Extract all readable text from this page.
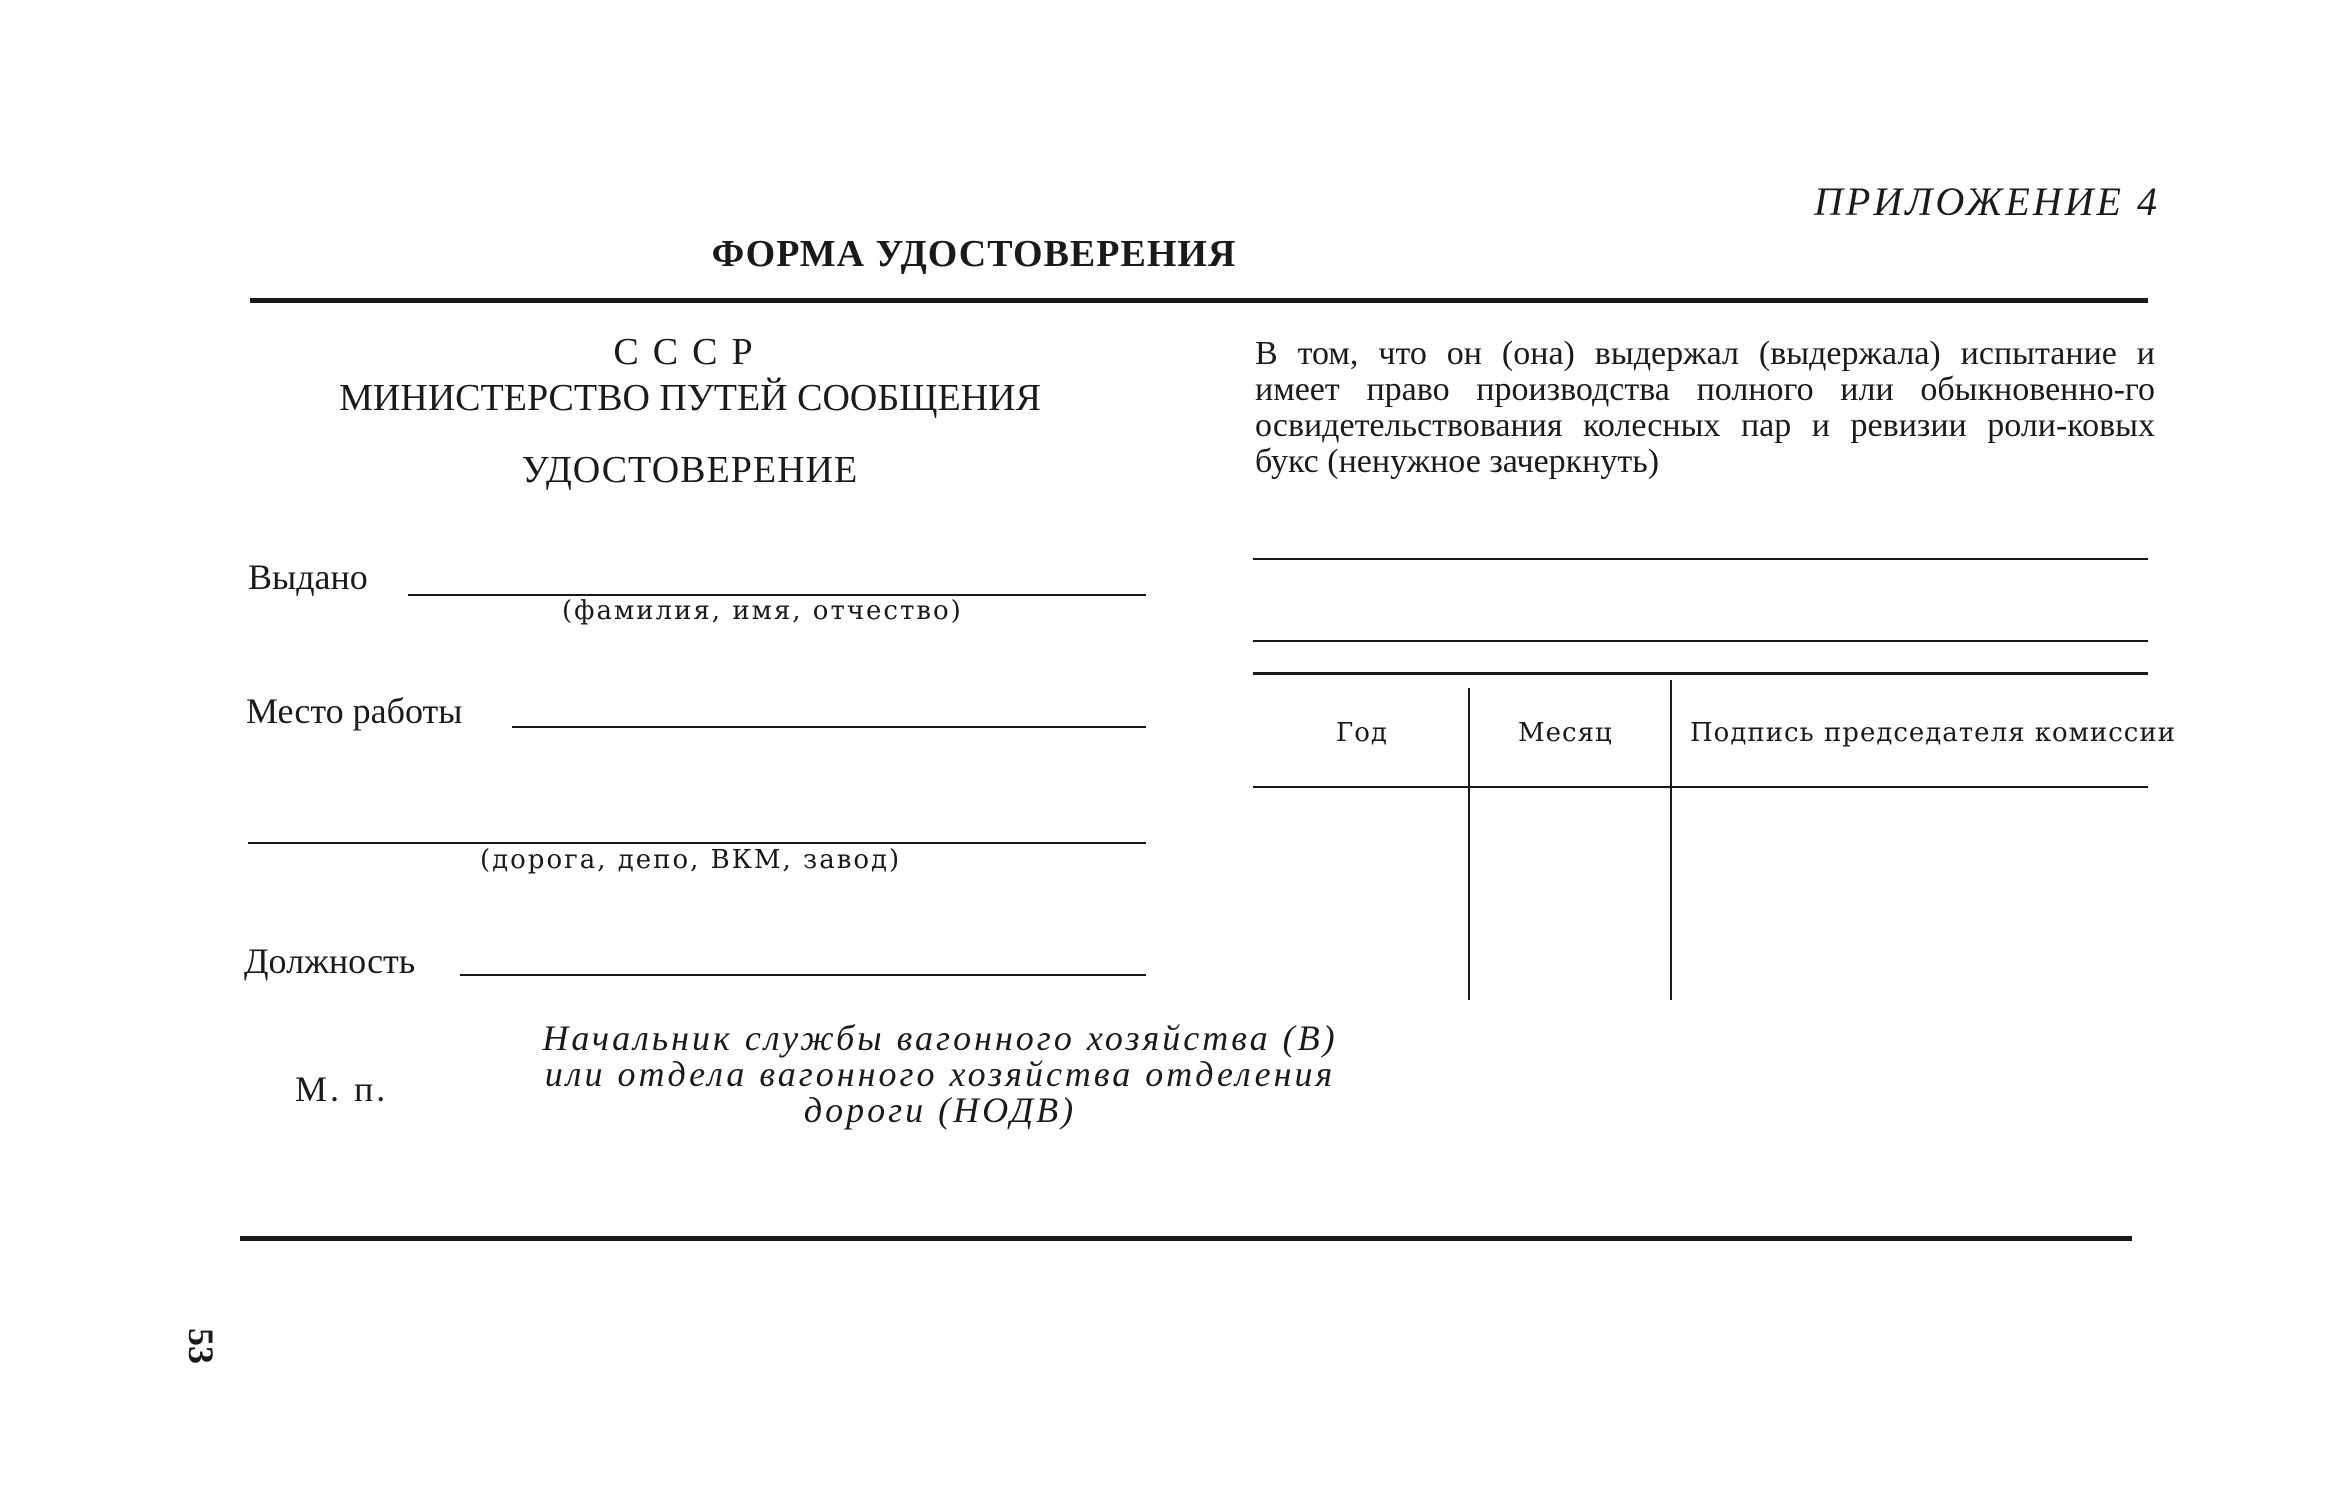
ПРИЛОЖЕНИЕ 4
ФОРМА УДОСТОВЕРЕНИЯ
СССР
МИНИСТЕРСТВО ПУТЕЙ СООБЩЕНИЯ
УДОСТОВЕРЕНИЕ
Выдано
(фамилия, имя, отчество)
Место работы
(дорога, депо, ВКМ, завод)
Должность
В том, что он (она) выдержал (выдержала) испытание и имеет право производства полного или обыкновенно-го освидетельствования колесных пар и ревизии роли-ковых букс (ненужное зачеркнуть)
Год	Месяц	Подпись председателя комиссии
Начальник службы вагонного хозяйства (В)
или отдела вагонного хозяйства отделения
дороги (НОДВ)
М. п.
53
